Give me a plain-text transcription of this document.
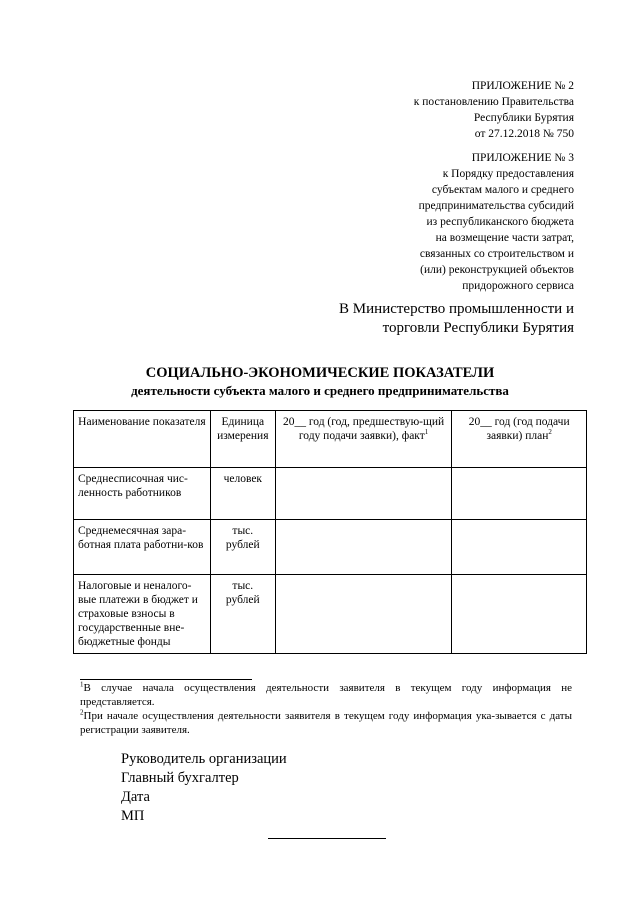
ПРИЛОЖЕНИЕ № 2
к постановлению Правительства
Республики Бурятия
от 27.12.2018 № 750
ПРИЛОЖЕНИЕ № 3
к Порядку предоставления
субъектам малого и среднего
предпринимательства субсидий
из республиканского бюджета
на возмещение части затрат,
связанных со строительством и
(или) реконструкцией объектов
придорожного сервиса
В Министерство промышленности и
торговли Республики Бурятия
СОЦИАЛЬНО-ЭКОНОМИЧЕСКИЕ ПОКАЗАТЕЛИ
деятельности субъекта малого и среднего предпринимательства
Наименование показателя	Единица измерения	20__ год (год, предшествую-щий году подачи заявки), факт$^1$	20__ год (год подачи заявки) план$^2$
Среднесписочная чис-ленность работников	человек		
Среднемесячная зара-ботная плата работни-ков	тыс. рублей		
Налоговые и неналого-вые платежи в бюджет и страховые взносы в государственные вне-бюджетные фонды	тыс. рублей		

$^1$В случае начала осуществления деятельности заявителя в текущем году информация не представляется.

$^2$При начале осуществления деятельности заявителя в текущем году информация ука-зывается с даты регистрации заявителя.

Руководитель организации
Главный бухгалтер
Дата
МП
